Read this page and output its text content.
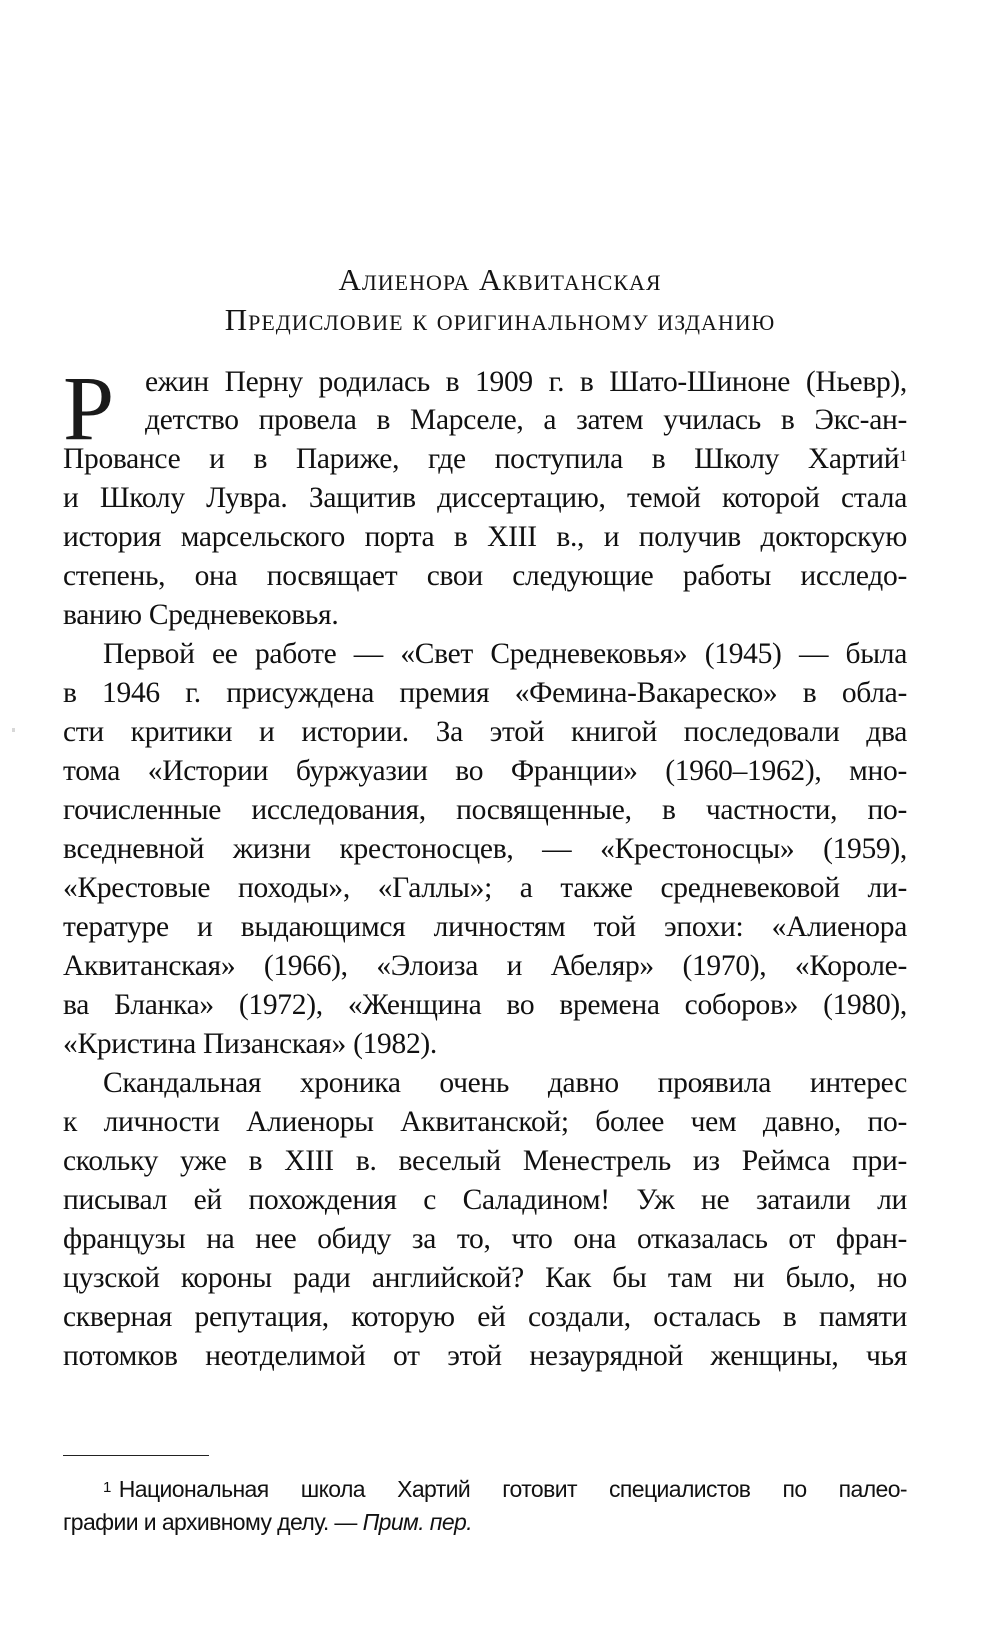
Алиенора Аквитанская
Предисловие к оригинальному изданию
Р ежин Перну родилась в 1909 г. в Шато-Шиноне (Ньевр),
детство провела в Марселе, а затем училась в Экс-ан-
Провансе и в Париже, где поступила в Школу Хартий$^1$
и Школу Лувра. Защитив диссертацию, темой которой стала
история марсельского порта в XIII в., и получив докторскую
степень, она посвящает свои следующие работы исследо-
ванию Средневековья.
Первой ее работе — «Свет Средневековья» (1945) — была
в 1946 г. присуждена премия «Фемина-Вакареско» в обла-
сти критики и истории. За этой книгой последовали два
тома «Истории буржуазии во Франции» (1960–1962), мно-
гочисленные исследования, посвященные, в частности, по-
вседневной жизни крестоносцев, — «Крестоносцы» (1959),
«Крестовые походы», «Галлы»; а также средневековой ли-
тературе и выдающимся личностям той эпохи: «Алиенора
Аквитанская» (1966), «Элоиза и Абеляр» (1970), «Короле-
ва Бланка» (1972), «Женщина во времена соборов» (1980),
«Кристина Пизанская» (1982).
Скандальная хроника очень давно проявила интерес
к личности Алиеноры Аквитанской; более чем давно, по-
скольку уже в XIII в. веселый Менестрель из Реймса при-
писывал ей похождения с Саладином! Уж не затаили ли
французы на нее обиду за то, что она отказалась от фран-
цузской короны ради английской? Как бы там ни было, но
скверная репутация, которую ей создали, осталась в памяти
потомков неотделимой от этой незаурядной женщины, чья
$^1$ Национальная школа Хартий готовит специалистов по палео-
графии и архивному делу. — Прим. пер.
